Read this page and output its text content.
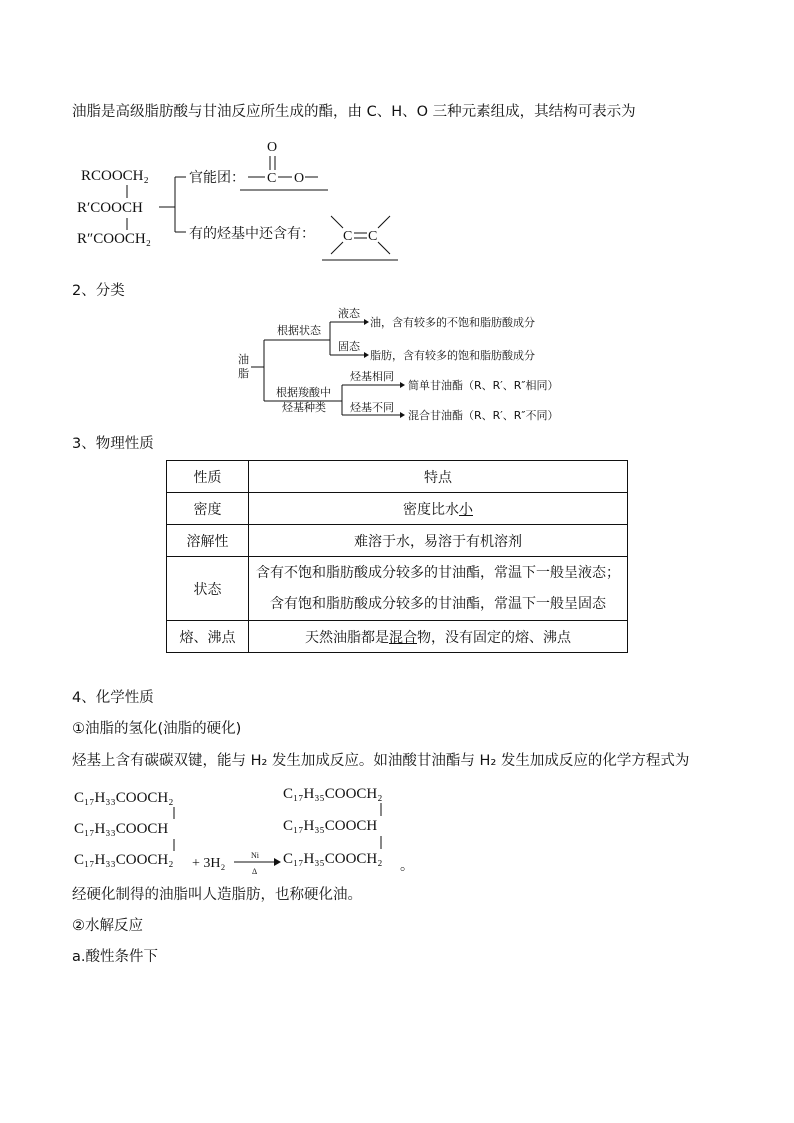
油脂是高级脂肪酸与甘油反应所生成的酯，由 C、H、O 三种元素组成，其结构可表示为
RCOOCH₂
R′COOCH
R″COOCH₂
官能团：
O
C O
有的烃基中还含有： C C
2、分类
油 脂
根据状态
液态
油，含有较多的不饱和脂肪酸成分
固态
脂肪，含有较多的饱和脂肪酸成分
根据羧酸中
烃基种类
烃基相同
简单甘油酯（R、R′、R″相同）
烃基不同
混合甘油酯（R、R′、R″不同）
3、物理性质
性质	特点
密度	密度比水小
溶解性	难溶于水，易溶于有机溶剂
状态	含有不饱和脂肪酸成分较多的甘油酯，常温下一般呈液态；
含有饱和脂肪酸成分较多的甘油酯，常温下一般呈固态

熔、沸点	天然油脂都是混合物，没有固定的熔、沸点
4、化学性质
①油脂的氢化(油脂的硬化)
烃基上含有碳碳双键，能与 H₂ 发生加成反应。如油酸甘油酯与 H₂ 发生加成反应的化学方程式为
C₁₇H₃₃COOCH₂
C₁₇H₃₃COOCH
C₁₇H₃₃COOCH₂ + 3H₂
Ni
Δ
C₁₇H₃₅COOCH₂
C₁₇H₃₅COOCH
C₁₇H₃₅COOCH₂ 。
经硬化制得的油脂叫人造脂肪，也称硬化油。
②水解反应
a.酸性条件下
